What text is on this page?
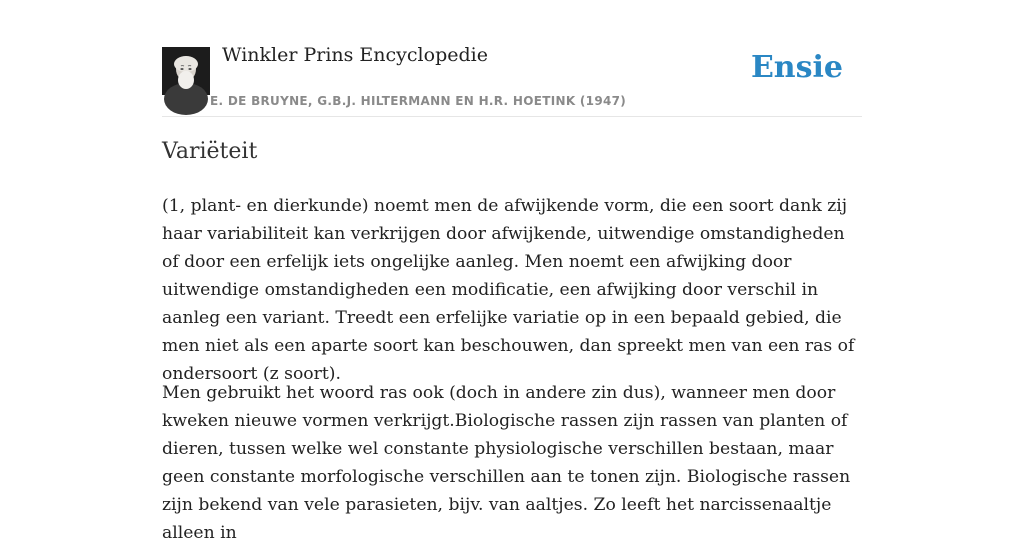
Winkler Prins Encyclopedie
E. DE BRUYNE, G.B.J. HILTERMANN EN H.R. HOETINK (1947)
Ensie
Variëteit

(1, plant- en dierkunde) noemt men de afwijkende vorm, die een soort dank zij haar variabiliteit kan verkrijgen door afwijkende, uitwendige omstandigheden of door een erfelijk iets ongelijke aanleg. Men noemt een afwijking door uitwendige omstandigheden een modificatie, een afwijking door verschil in aanleg een variant. Treedt een erfelijke variatie op in een bepaald gebied, die men niet als een aparte soort kan beschouwen, dan spreekt men van een ras of ondersoort (z soort).

Men gebruikt het woord ras ook (doch in andere zin dus), wanneer men door kweken nieuwe vormen verkrijgt.Biologische rassen zijn rassen van planten of dieren, tussen welke wel constante physiologische verschillen bestaan, maar geen constante morfologische verschillen aan te tonen zijn. Biologische rassen zijn bekend van vele parasieten, bijv. van aaltjes. Zo leeft het narcissenaaltje alleen in
